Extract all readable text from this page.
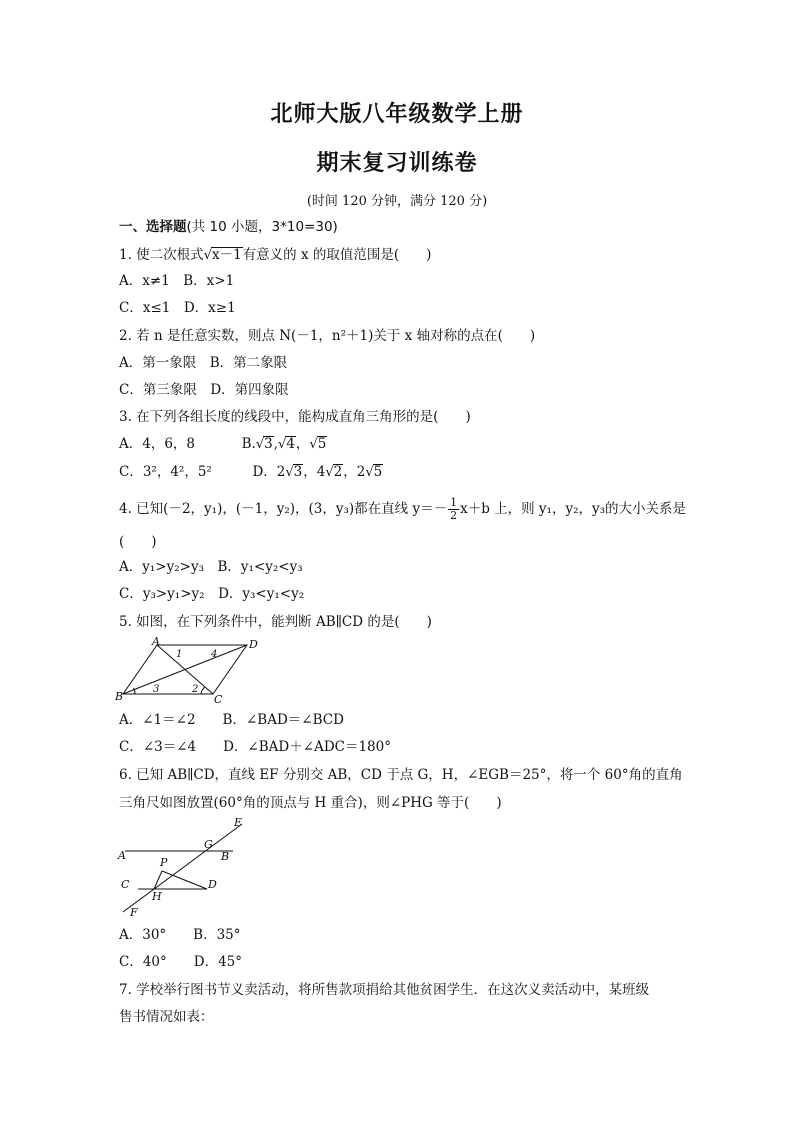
北师大版八年级数学上册
期末复习训练卷
(时间 120 分钟，满分 120 分)
一、选择题(共 10 小题，3*10=30)
1. 使二次根式√x－1有意义的 x 的取值范围是(　　)
A．x≠1　B．x>1
C．x≤1　D．x≥1
2. 若 n 是任意实数，则点 N(－1，n²＋1)关于 x 轴对称的点在(　　)
A．第一象限　B．第二象限
C．第三象限　D．第四象限
3. 在下列各组长度的线段中，能构成直角三角形的是(　　)
A．4，6，8	B.√3,√4，√5
C．3²，4²，5²	D．2√3，4√2，2√5
4. 已知(－2，y₁)，(－1，y₂)，(3，y₃)都在直线 $y=- \frac{1}{2} x+b$ 上，则 y₁，y₂，y₃的大小关系是
(　　)
A．y₁>y₂>y₃　B．y₁<y₂<y₃
C．y₃>y₁>y₂　D．y₃<y₁<y₂
5. 如图，在下列条件中，能判断 AB∥CD 的是(　　)
A	D
B	C
1
2
3
4
A．∠1＝∠2　　B．∠BAD＝∠BCD
C．∠3＝∠4　　D．∠BAD＋∠ADC＝180°
6. 已知 AB∥CD，直线 EF 分别交 AB，CD 于点 G，H，∠EGB＝25°，将一个 60°角的直角
三角尺如图放置(60°角的顶点与 H 重合)，则∠PHG 等于(　　)
E
G
A	B
P
C
H
D
F
A．30°　　B．35°
C．40°　　D．45°
7. 学校举行图书节义卖活动，将所售款项捐给其他贫困学生．在这次义卖活动中，某班级
售书情况如表：
